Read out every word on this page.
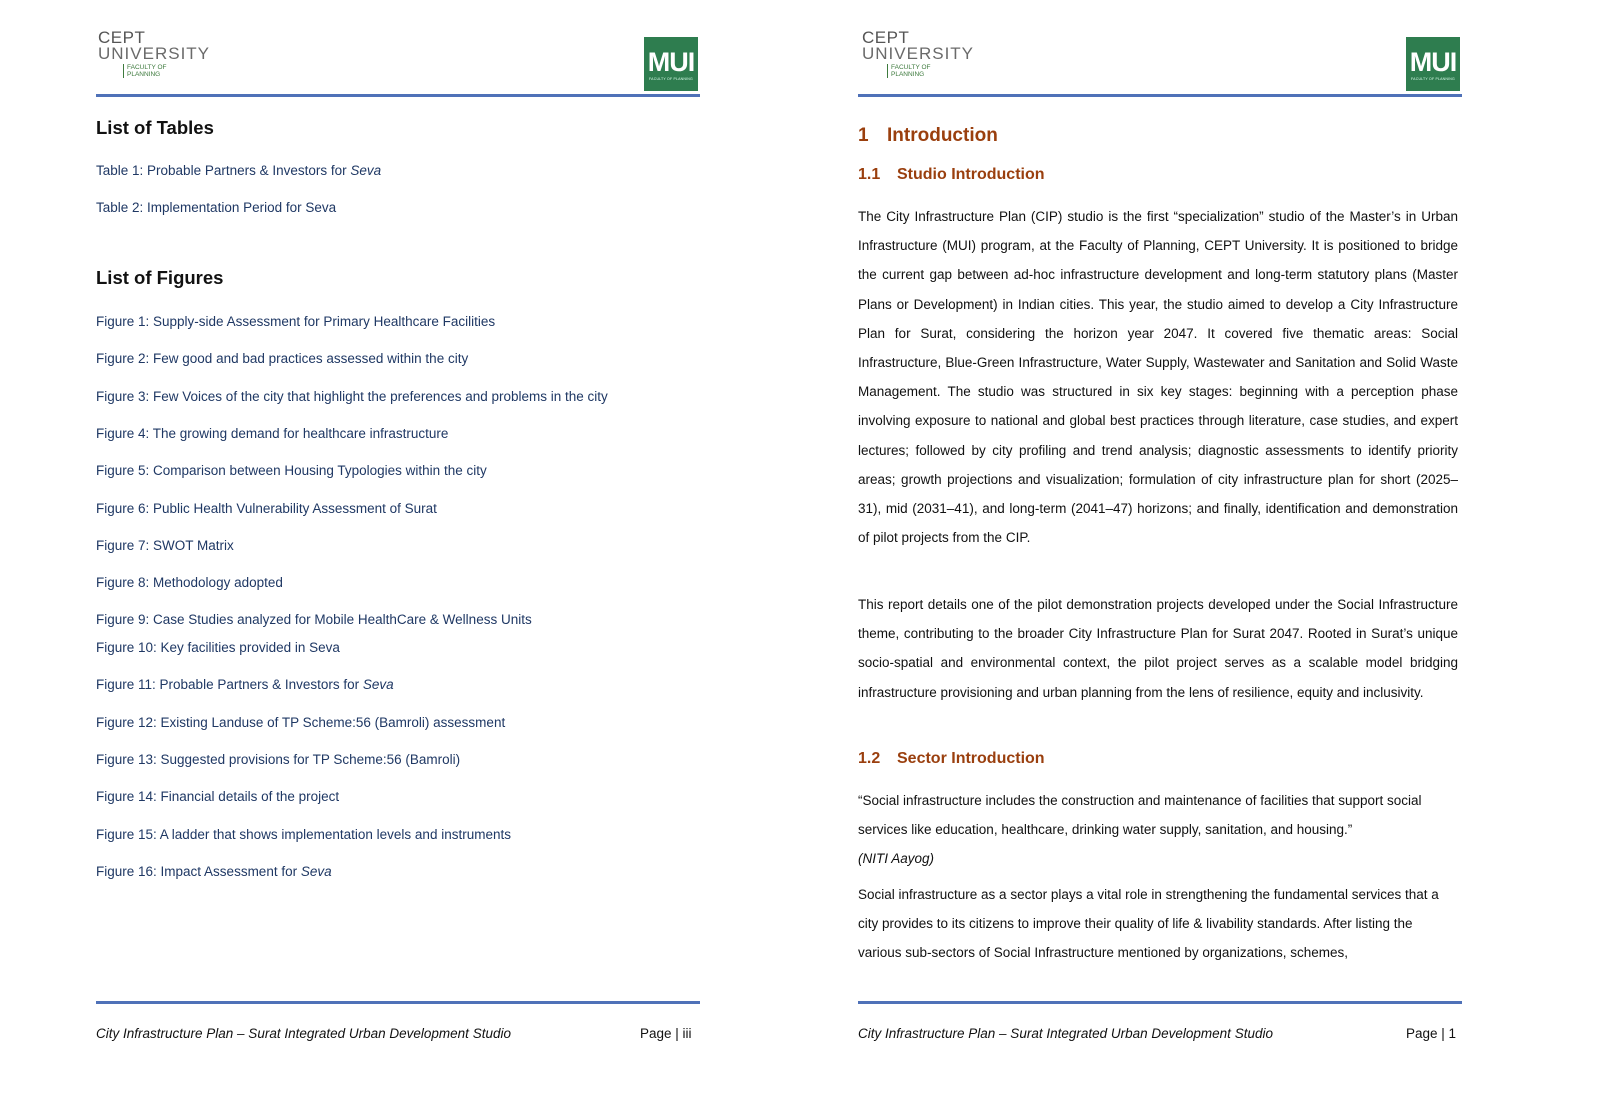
CEPT
UNIVERSITY
FACULTY OF PLANNING	MUI
FACULTY OF PLANNING
List of Tables
Table 1: Probable Partners & Investors for Seva
Table 2: Implementation Period for Seva
List of Figures
Figure 1: Supply-side Assessment for Primary Healthcare Facilities
Figure 2: Few good and bad practices assessed within the city
Figure 3: Few Voices of the city that highlight the preferences and problems in the city
Figure 4: The growing demand for healthcare infrastructure
Figure 5: Comparison between Housing Typologies within the city
Figure 6: Public Health Vulnerability Assessment of Surat
Figure 7: SWOT Matrix
Figure 8: Methodology adopted
Figure 9: Case Studies analyzed for Mobile HealthCare & Wellness Units
Figure 10: Key facilities provided in Seva
Figure 11: Probable Partners & Investors for Seva
Figure 12: Existing Landuse of TP Scheme:56 (Bamroli) assessment
Figure 13: Suggested provisions for TP Scheme:56 (Bamroli)
Figure 14: Financial details of the project
Figure 15: A ladder that shows implementation levels and instruments
Figure 16: Impact Assessment for Seva
City Infrastructure Plan – Surat Integrated Urban Development Studio	Page | iii
CEPT
UNIVERSITY
FACULTY OF PLANNING	MUI
FACULTY OF PLANNING
City Infrastructure Plan – Surat Integrated Urban Development Studio	Page | 1
1 Introduction
1.1 Studio Introduction

The City Infrastructure Plan (CIP) studio is the first “specialization” studio of the Master’s in Urban Infrastructure (MUI) program, at the Faculty of Planning, CEPT University. It is positioned to bridge the current gap between ad-hoc infrastructure development and long-term statutory plans (Master Plans or Development) in Indian cities. This year, the studio aimed to develop a City Infrastructure Plan for Surat, considering the horizon year 2047. It covered five thematic areas: Social Infrastructure, Blue-Green Infrastructure, Water Supply, Wastewater and Sanitation and Solid Waste Management. The studio was structured in six key stages: beginning with a perception phase involving exposure to national and global best practices through literature, case studies, and expert lectures; followed by city profiling and trend analysis; diagnostic assessments to identify priority areas; growth projections and visualization; formulation of city infrastructure plan for short (2025–31), mid (2031–41), and long-term (2041–47) horizons; and finally, identification and demonstration of pilot projects from the CIP.

This report details one of the pilot demonstration projects developed under the Social Infrastructure theme, contributing to the broader City Infrastructure Plan for Surat 2047. Rooted in Surat’s unique socio-spatial and environmental context, the pilot project serves as a scalable model bridging infrastructure provisioning and urban planning from the lens of resilience, equity and inclusivity.

1.2 Sector Introduction

“Social infrastructure includes the construction and maintenance of facilities that support social services like education, healthcare, drinking water supply, sanitation, and housing.”
(NITI Aayog)

Social infrastructure as a sector plays a vital role in strengthening the fundamental services that a city provides to its citizens to improve their quality of life & livability standards. After listing the various sub-sectors of Social Infrastructure mentioned by organizations, schemes,
